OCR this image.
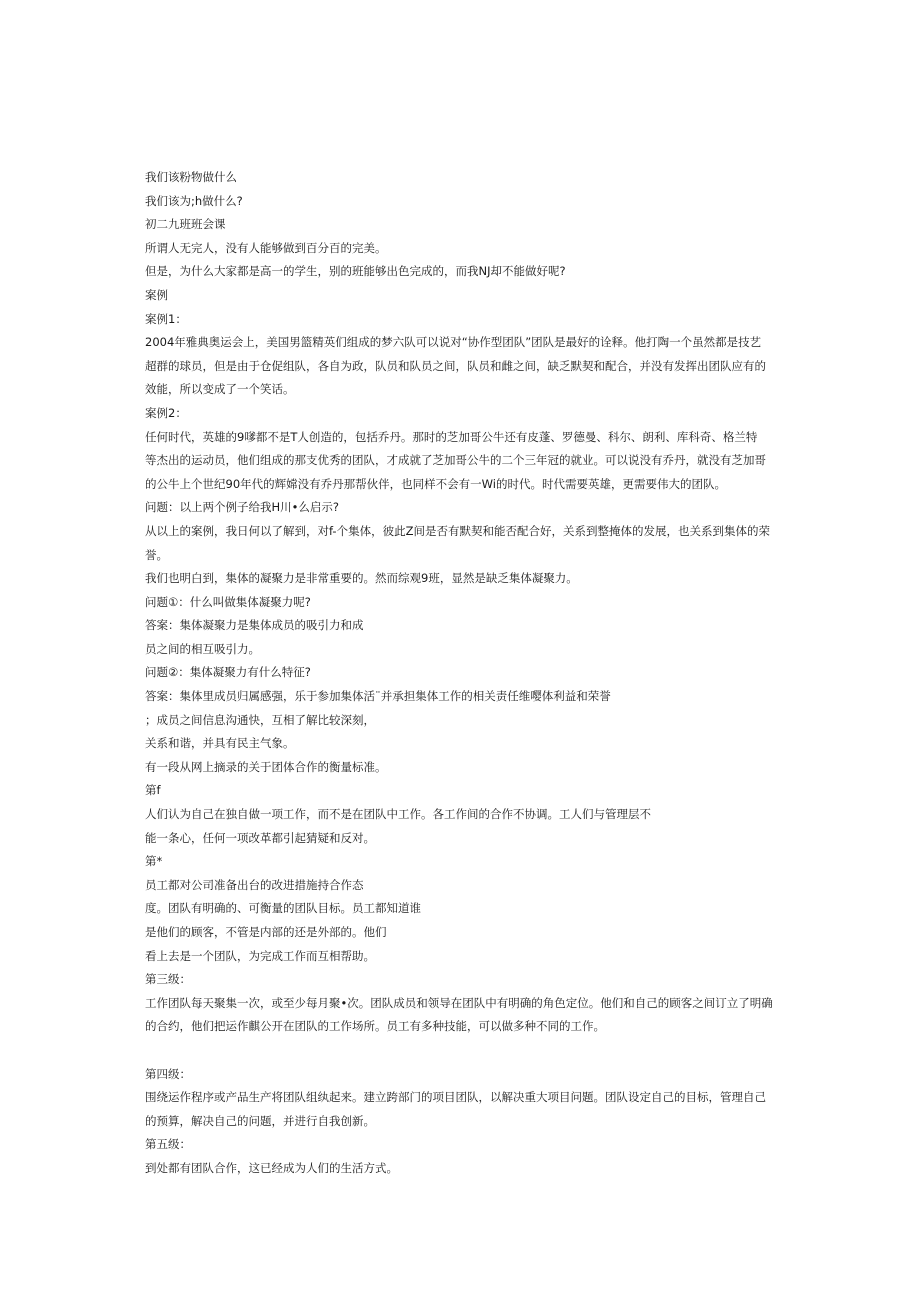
我们该粉物做什么

我们该为;h做什么?

初二九班班会课

所谓人无完人，没有人能够做到百分百的完美。

但是，为什么大家都是高一的学生，别的班能够出色完成的，而我NJ却不能做好呢?

案例

案例1：

2004年雅典奥运会上，美国男篮精英们组成的梦六队可以说对“协作型团队”团队是最好的诠释。他打陶一个虽然都是技艺

超群的球员，但是由于仓促组队，各自为政，队员和队员之间，队员和雌之间，缺乏默契和配合，并没有发挥出团队应有的

效能，所以变成了一个笑话。

案例2：

任何时代，英雄的9嗲都不是T人创造的，包括乔丹。那时的芝加哥公牛还有皮蓬、罗德曼、科尔、朗利、库科奇、格兰特

等杰出的运动员，他们组成的那支优秀的团队，才成就了芝加哥公牛的二个三年冠的就业。可以说没有乔丹，就没有芝加哥

的公牛上个世纪90年代的辉嫦没有乔丹那帮伙伴，也同样不会有一Wi的时代。时代需要英雄，更需要伟大的团队。

问题：以上两个例子给我H川•么启示?

从以上的案例，我日何以了解到，对f-个集体，彼此Z间是否有默契和能否配合好，关系到整掩体的发展，也关系到集体的荣

誉。

我们也明白到，集体的凝聚力是非常重要的。然而综观9班，显然是缺乏集体凝聚力。

问题①：什么叫做集体凝聚力呢?

答案：集体凝聚力是集体成员的吸引力和成

员之间的相互吸引力。

问题②：集体凝聚力有什么特征?

答案：集体里成员归属感强，乐于参加集体活¨并承担集体工作的相关责任维嘤体利益和荣誉

；成员之间信息沟通快，互相了解比较深刻，

关系和谐，并具有民主气象。

有一段从网上摘录的关于团体合作的衡量标准。

第f

人们认为自己在独自做一项工作，而不是在团队中工作。各工作间的合作不协调。工人们与管理层不

能一条心，任何一项改革都引起猜疑和反对。

第*

员工都对公司准备出台的改进措施持合作态

度。团队有明确的、可衡量的团队目标。员工都知道谁

是他们的顾客，不管是内部的还是外部的。他们

看上去是一个团队，为完成工作而互相帮助。

第三级：

工作团队每天聚集一次，或至少每月聚•次。团队成员和领导在团队中有明确的角色定位。他们和自己的顾客之间订立了明确

的合约，他们把运作麒公开在团队的工作场所。员工有多种技能，可以做多种不同的工作。

第四级：

围绕运作程序或产品生产将团队组纨起来。建立跨部门的项目团队，以解决重大项目问题。团队设定自己的目标，管理自己

的预算，解决自己的问题，并进行自我创新。

第五级：

到处都有团队合作，这已经成为人们的生活方式。
